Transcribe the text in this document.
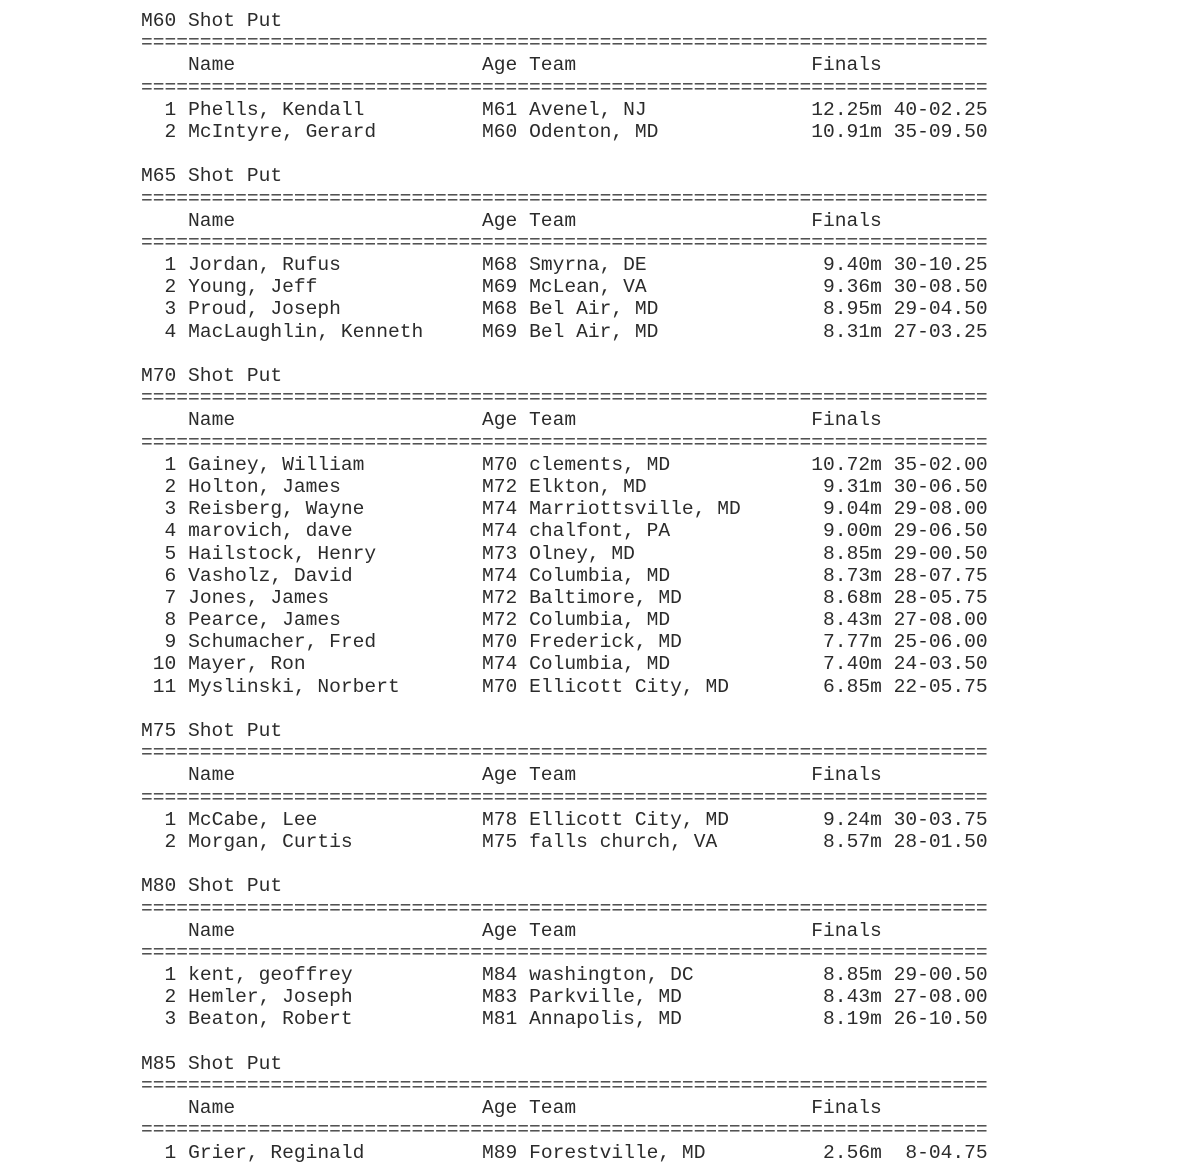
M60 Shot Put
========================================================================
Name	Age Team	Finals
========================================================================
1 Phells, Kendall	M61 Avenel, NJ	12.25m 40-02.25
2 McIntyre, Gerard	M60 Odenton, MD	10.91m 35-09.50

M65 Shot Put
========================================================================
Name	Age Team	Finals
========================================================================
1 Jordan, Rufus	M68 Smyrna, DE	9.40m 30-10.25
2 Young, Jeff	M69 McLean, VA	9.36m 30-08.50
3 Proud, Joseph	M68 Bel Air, MD	8.95m 29-04.50
4 MacLaughlin, Kenneth	M69 Bel Air, MD	8.31m 27-03.25

M70 Shot Put
========================================================================
Name	Age Team	Finals
========================================================================
1 Gainey, William	M70 clements, MD	10.72m 35-02.00
2 Holton, James	M72 Elkton, MD	9.31m 30-06.50
3 Reisberg, Wayne	M74 Marriottsville, MD	9.04m 29-08.00
4 marovich, dave	M74 chalfont, PA	9.00m 29-06.50
5 Hailstock, Henry	M73 Olney, MD	8.85m 29-00.50
6 Vasholz, David	M74 Columbia, MD	8.73m 28-07.75
7 Jones, James	M72 Baltimore, MD	8.68m 28-05.75
8 Pearce, James	M72 Columbia, MD	8.43m 27-08.00
9 Schumacher, Fred	M70 Frederick, MD	7.77m 25-06.00
10 Mayer, Ron	M74 Columbia, MD	7.40m 24-03.50
11 Myslinski, Norbert	M70 Ellicott City, MD	6.85m 22-05.75

M75 Shot Put
========================================================================
Name	Age Team	Finals
========================================================================
1 McCabe, Lee	M78 Ellicott City, MD	9.24m 30-03.75
2 Morgan, Curtis	M75 falls church, VA	8.57m 28-01.50

M80 Shot Put
========================================================================
Name	Age Team	Finals
========================================================================
1 kent, geoffrey	M84 washington, DC	8.85m 29-00.50
2 Hemler, Joseph	M83 Parkville, MD	8.43m 27-08.00
3 Beaton, Robert	M81 Annapolis, MD	8.19m 26-10.50

M85 Shot Put
========================================================================
Name	Age Team	Finals
========================================================================
1 Grier, Reginald	M89 Forestville, MD	2.56m 8-04.75
